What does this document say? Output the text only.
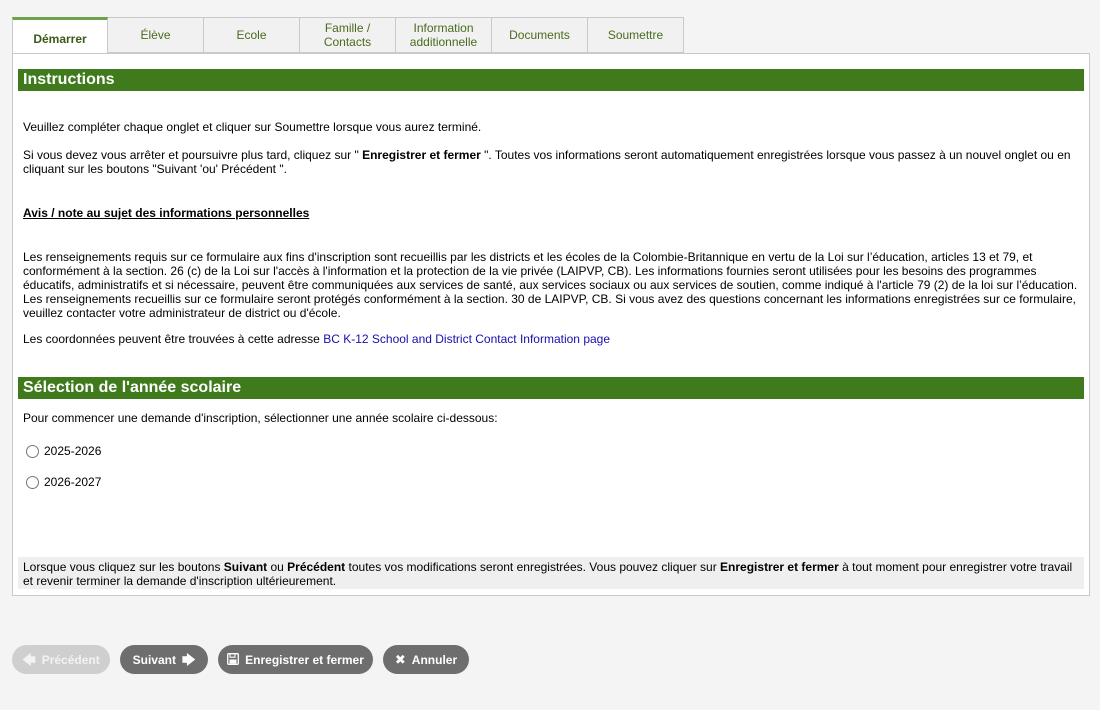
Démarrer	Élève	Ecole	Famille / Contacts
Information additionnelle	Documents	Soumettre
Instructions
Veuillez compléter chaque onglet et cliquer sur Soumettre lorsque vous aurez terminé.
Si vous devez vous arrêter et poursuivre plus tard, cliquez sur " Enregistrer et fermer ". Toutes vos informations seront automatiquement enregistrées lorsque vous passez à un nouvel onglet ou en cliquant sur les boutons "Suivant 'ou' Précédent ".
Avis / note au sujet des informations personnelles
Les renseignements requis sur ce formulaire aux fins d'inscription sont recueillis par les districts et les écoles de la Colombie-Britannique en vertu de la Loi sur l’éducation, articles 13 et 79, et conformément à la section. 26 (c) de la Loi sur l'accès à l'information et la protection de la vie privée (LAIPVP, CB). Les informations fournies seront utilisées pour les besoins des programmes éducatifs, administratifs et si nécessaire, peuvent être communiquées aux services de santé, aux services sociaux ou aux services de soutien, comme indiqué à l'article 79 (2) de la loi sur l’éducation. Les renseignements recueillis sur ce formulaire seront protégés conformément à la section. 30 de LAIPVP, CB. Si vous avez des questions concernant les informations enregistrées sur ce formulaire, veuillez contacter votre administrateur de district ou d'école.
Les coordonnées peuvent être trouvées à cette adresse BC K-12 School and District Contact Information page
Sélection de l'année scolaire
Pour commencer une demande d'inscription, sélectionner une année scolaire ci-dessous:
2025-2026
2026-2027
Lorsque vous cliquez sur les boutons Suivant ou Précédent toutes vos modifications seront enregistrées. Vous pouvez cliquer sur Enregistrer et fermer à tout moment pour enregistrer votre travail et revenir terminer la demande d'inscription ultérieurement.
🡄 Précédent	Suivant 🡆	Enregistrer et fermer ✖ Annuler
